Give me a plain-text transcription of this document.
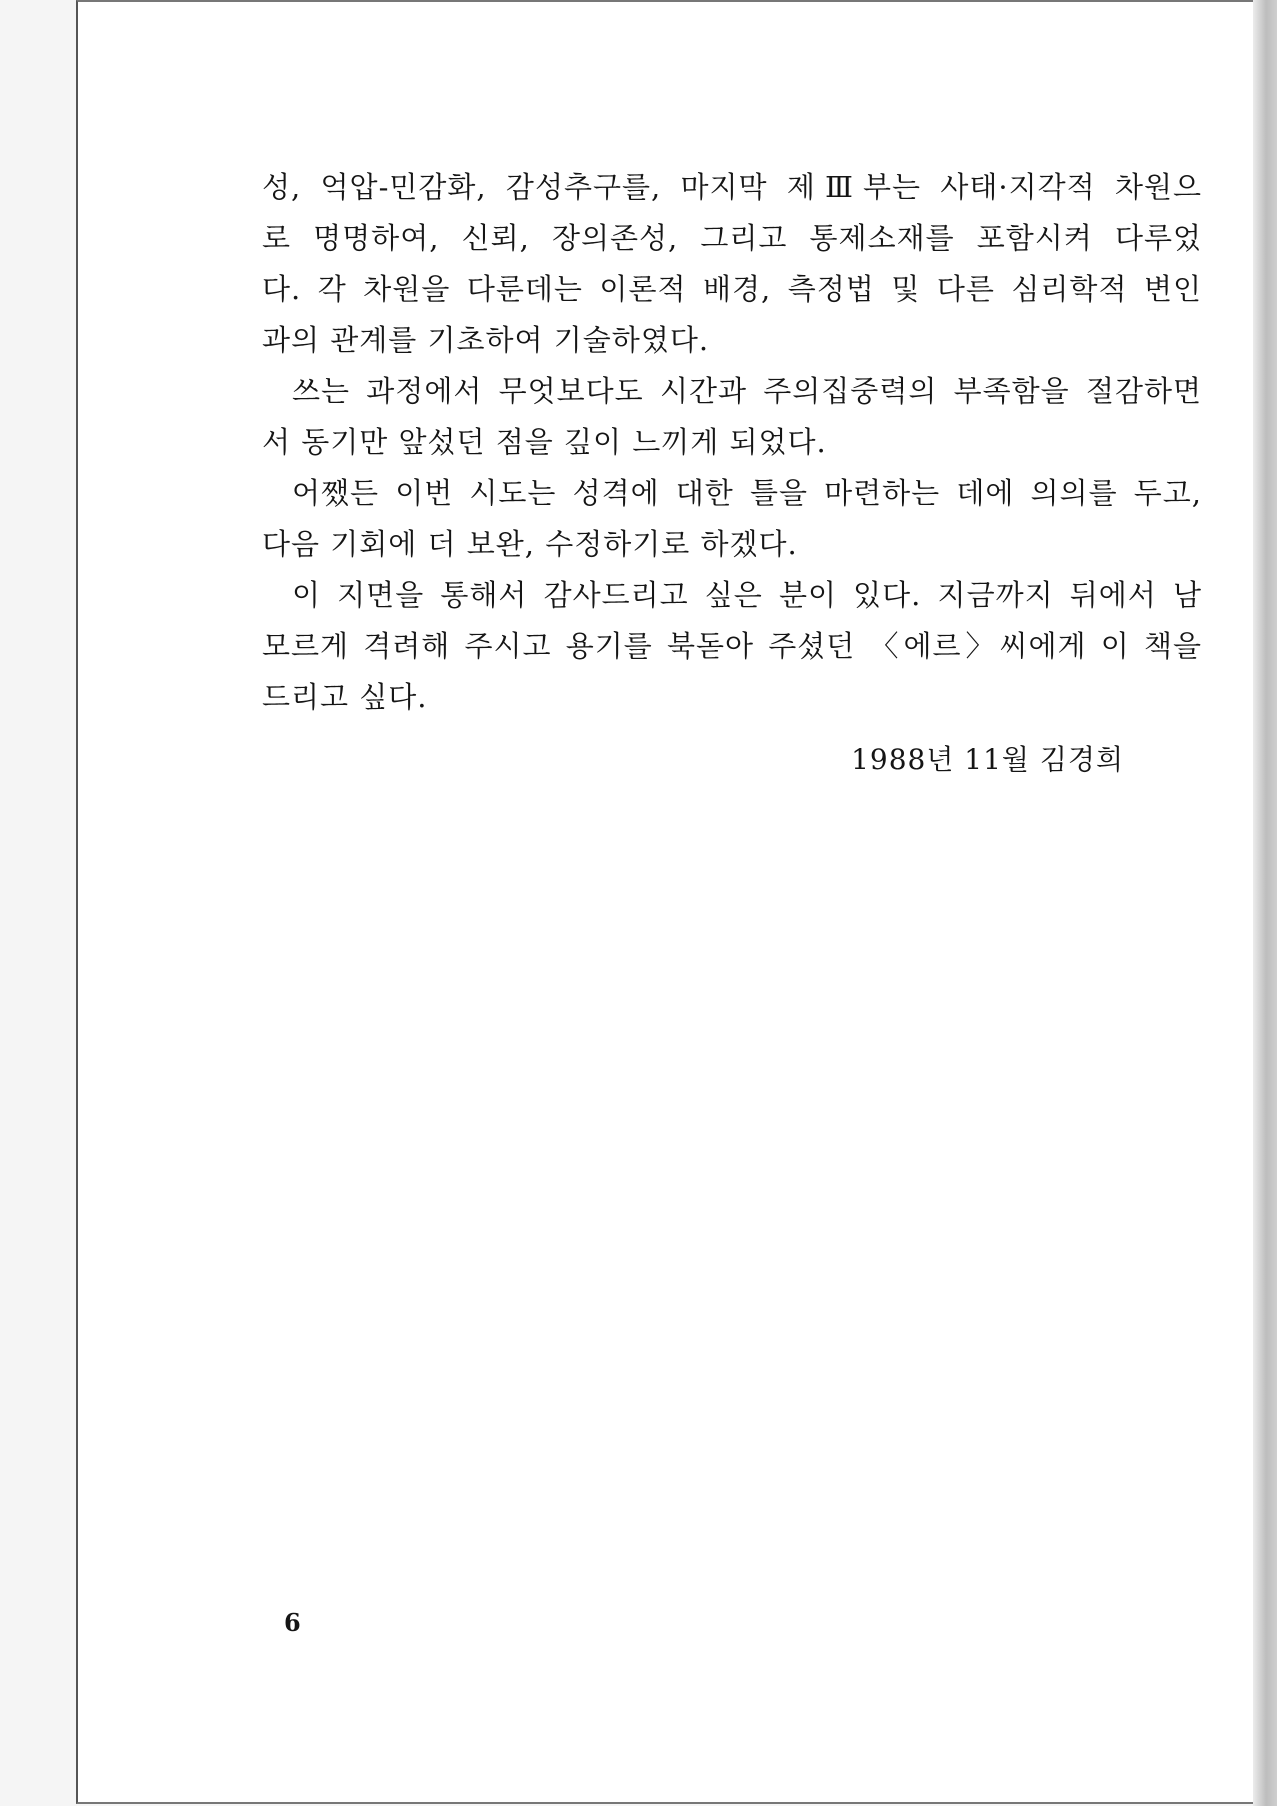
성, 억압-민감화, 감성추구를, 마지막 제Ⅲ부는 사태·지각적 차원으
로 명명하여, 신뢰, 장의존성, 그리고 통제소재를 포함시켜 다루었
다. 각 차원을 다룬데는 이론적 배경, 측정법 및 다른 심리학적 변인
과의 관계를 기초하여 기술하였다.
쓰는 과정에서 무엇보다도 시간과 주의집중력의 부족함을 절감하면
서 동기만 앞섰던 점을 깊이 느끼게 되었다.
어쨌든 이번 시도는 성격에 대한 틀을 마련하는 데에 의의를 두고,
다음 기회에 더 보완, 수정하기로 하겠다.
이 지면을 통해서 감사드리고 싶은 분이 있다. 지금까지 뒤에서 남
모르게 격려해 주시고 용기를 북돋아 주셨던 〈에르〉씨에게 이 책을
드리고 싶다.
1988년 11월 김경희
6
